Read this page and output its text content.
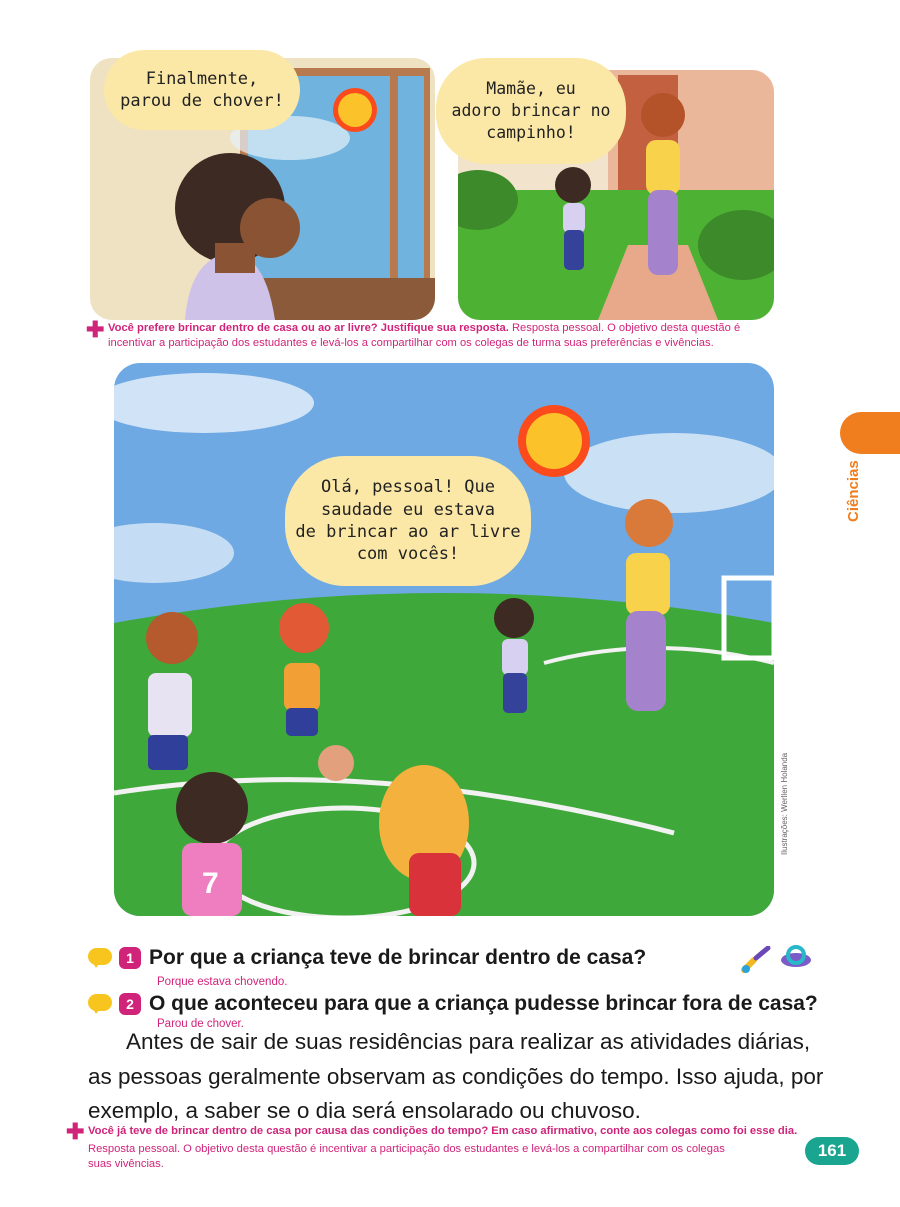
Finalmente,
parou de chover!
Mamãe, eu
adoro brincar no
campinho!
✚ Você prefere brincar dentro de casa ou ao ar livre? Justifique sua resposta. Resposta pessoal. O objetivo desta questão é
incentivar a participação dos estudantes e levá-los a compartilhar com os colegas de turma suas preferências e vivências.
7
Olá, pessoal! Que
saudade eu estava
de brincar ao ar livre
com vocês!
Ilustrações: Werllen Holanda
Ciências
1 Por que a criança teve de brincar dentro de casa?
Porque estava chovendo.
2 O que aconteceu para que a criança pudesse brincar fora de casa?
Parou de chover.
Antes de sair de suas residências para realizar as atividades diárias, as pessoas geralmente observam as condições do tempo. Isso ajuda, por exemplo, a saber se o dia será ensolarado ou chuvoso.
✚ Você já teve de brincar dentro de casa por causa das condições do tempo? Em caso afirmativo, conte aos colegas como foi esse dia.
Resposta pessoal. O objetivo desta questão é incentivar a participação dos estudantes e levá-los a compartilhar com os colegas
suas vivências.
161
